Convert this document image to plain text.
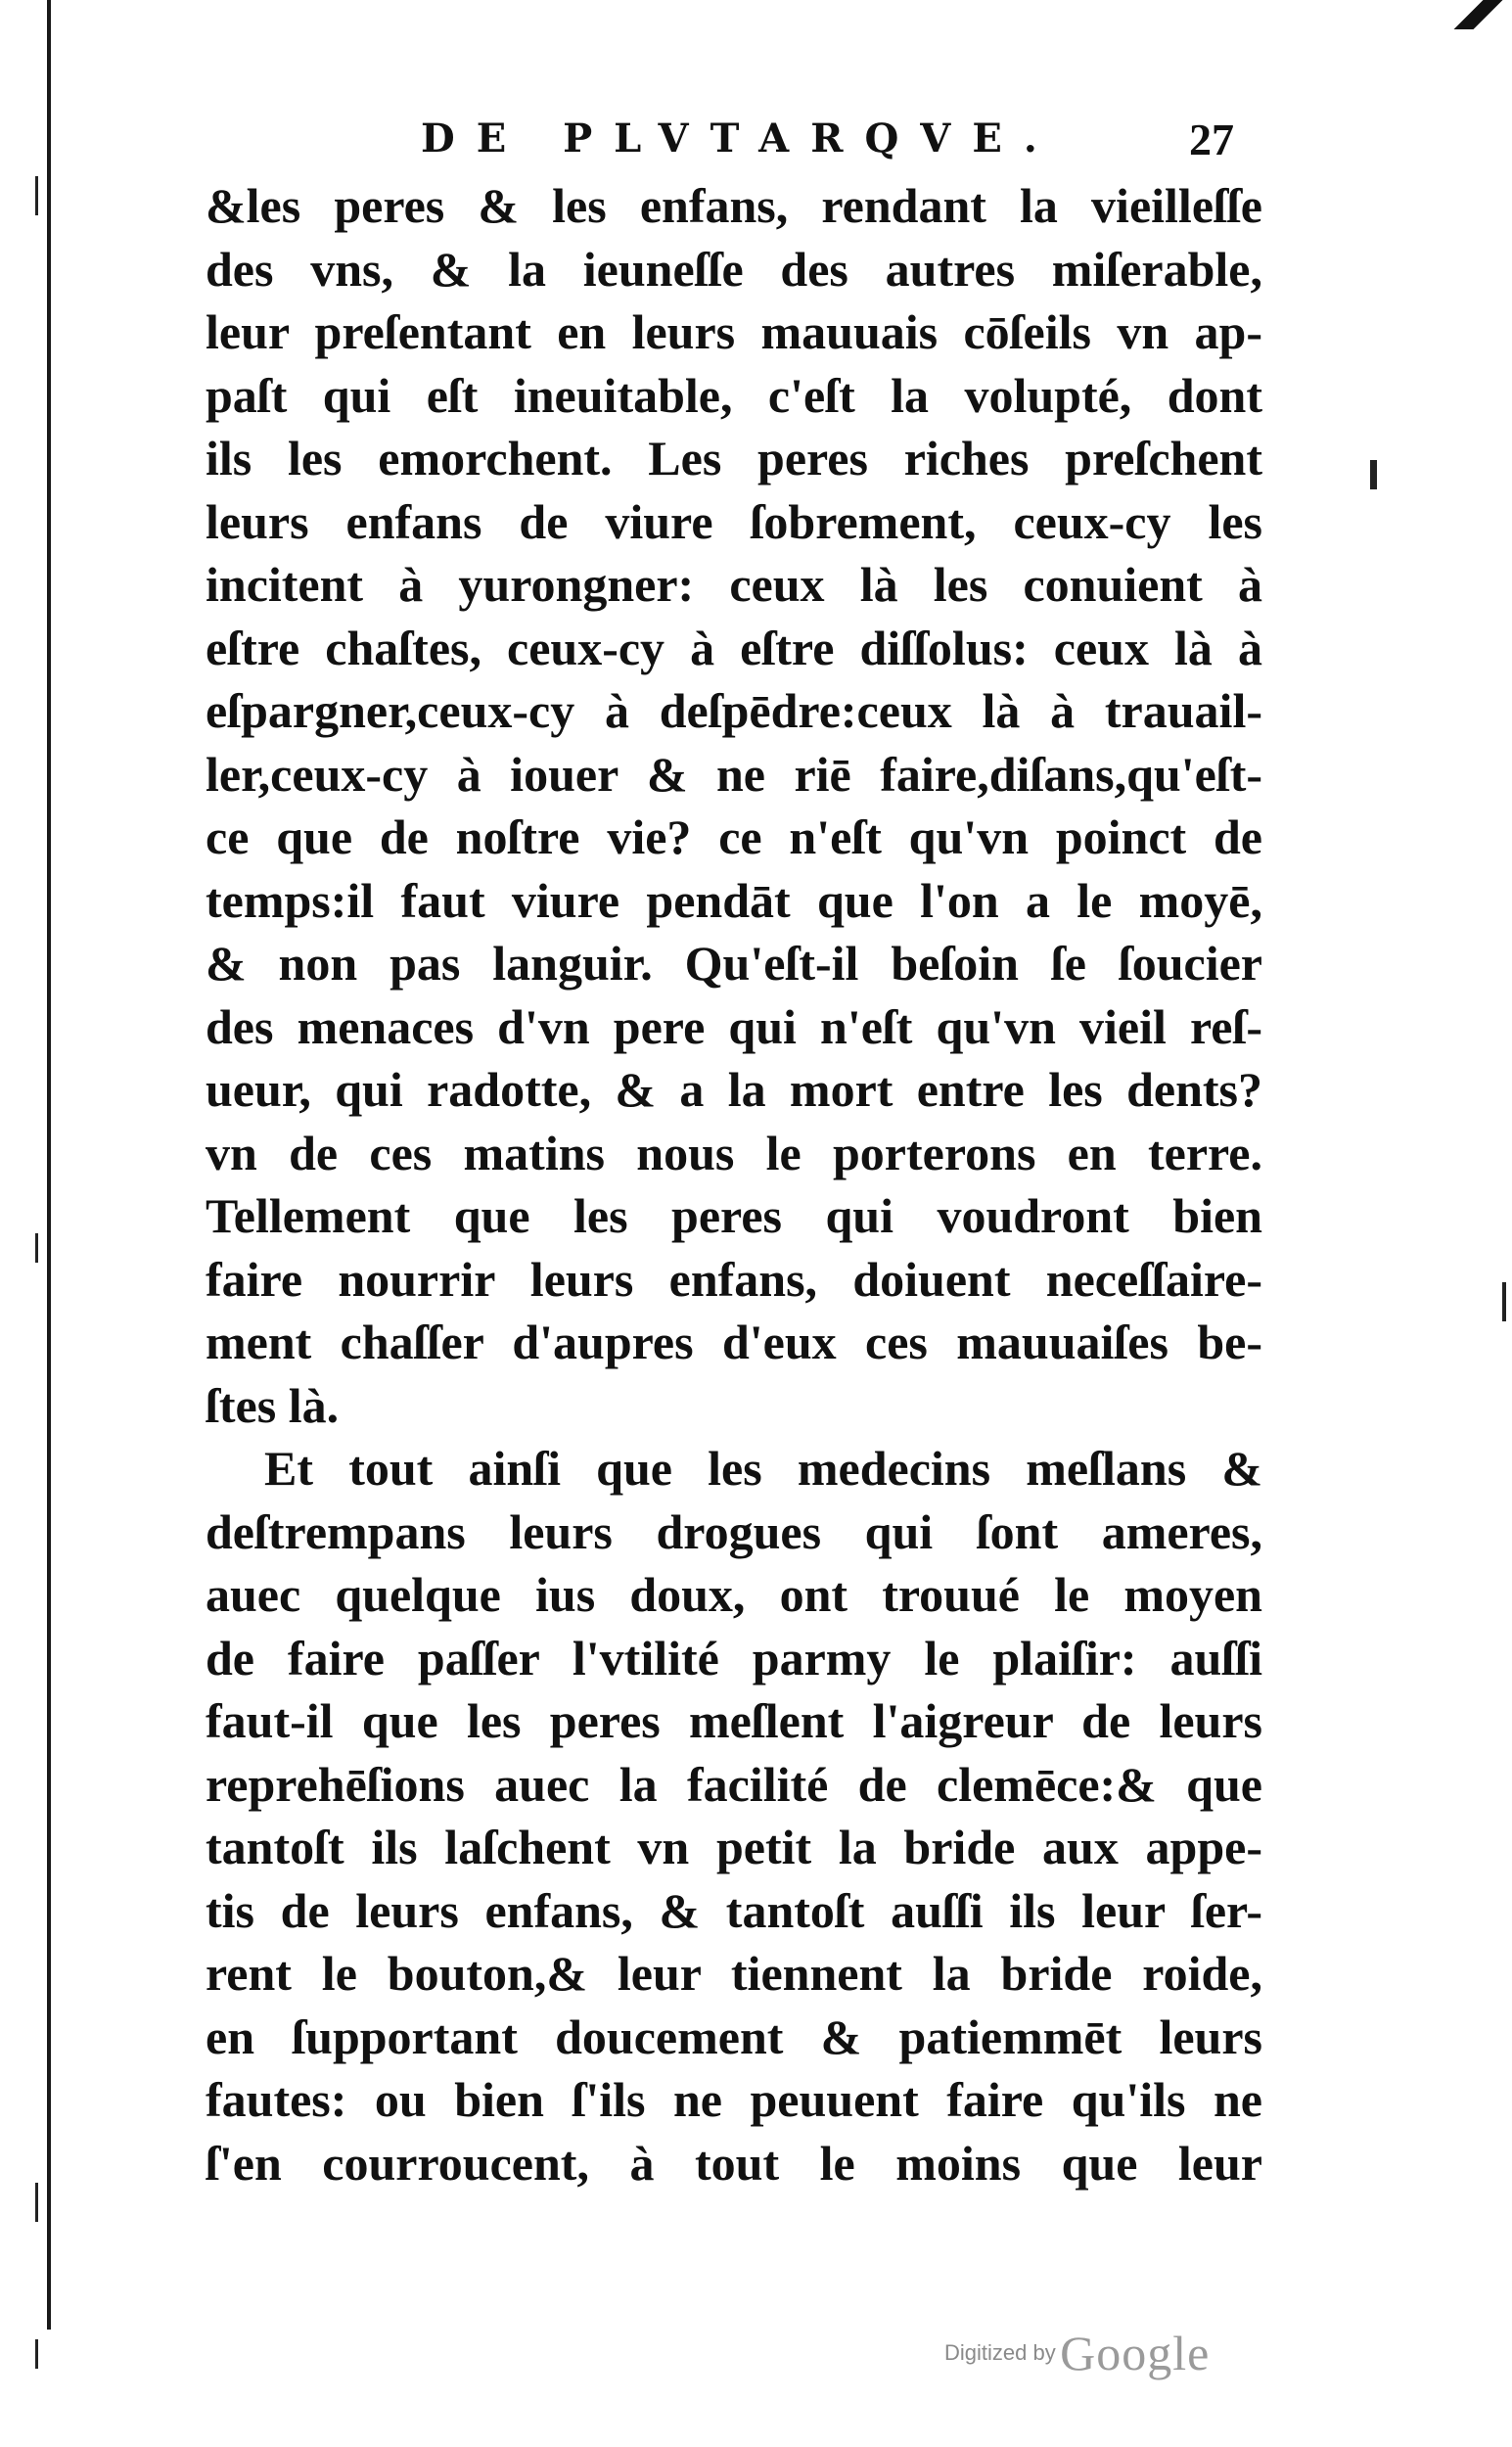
DE PLVTARQVE.	27
&les peres & les enfans, rendant la vieilleſſe
des vns, & la ieuneſſe des autres miſerable,
leur preſentant en leurs mauuais cōſeils vn ap-
paſt qui eſt ineuitable, c'eſt la volupté, dont
ils les emorchent. Les peres riches preſchent
leurs enfans de viure ſobrement, ceux-cy les
incitent à yurongner: ceux là les conuient à
eſtre chaſtes, ceux-cy à eſtre diſſolus: ceux là à
eſpargner,ceux-cy à deſpēdre:ceux là à trauail-
ler,ceux-cy à iouer & ne riē faire,diſans,qu'eſt-
ce que de noſtre vie? ce n'eſt qu'vn poinct de
temps:il faut viure pendāt que l'on a le moyē,
& non pas languir. Qu'eſt-il beſoin ſe ſoucier
des menaces d'vn pere qui n'eſt qu'vn vieil reſ-
ueur, qui radotte, & a la mort entre les dents?
vn de ces matins nous le porterons en terre.
Tellement que les peres qui voudront bien
faire nourrir leurs enfans, doiuent neceſſaire-
ment chaſſer d'aupres d'eux ces mauuaiſes be-
ſtes là.
Et tout ainſi que les medecins meſlans &
deſtrempans leurs drogues qui ſont ameres,
auec quelque ius doux, ont trouué le moyen
de faire paſſer l'vtilité parmy le plaiſir: auſſi
faut-il que les peres meſlent l'aigreur de leurs
reprehēſions auec la facilité de clemēce:& que
tantoſt ils laſchent vn petit la bride aux appe-
tis de leurs enfans, & tantoſt auſſi ils leur ſer-
rent le bouton,& leur tiennent la bride roide,
en ſupportant doucement & patiemmēt leurs
fautes: ou bien ſ'ils ne peuuent faire qu'ils ne
ſ'en courroucent, à tout le moins que leur
Digitized by Google
